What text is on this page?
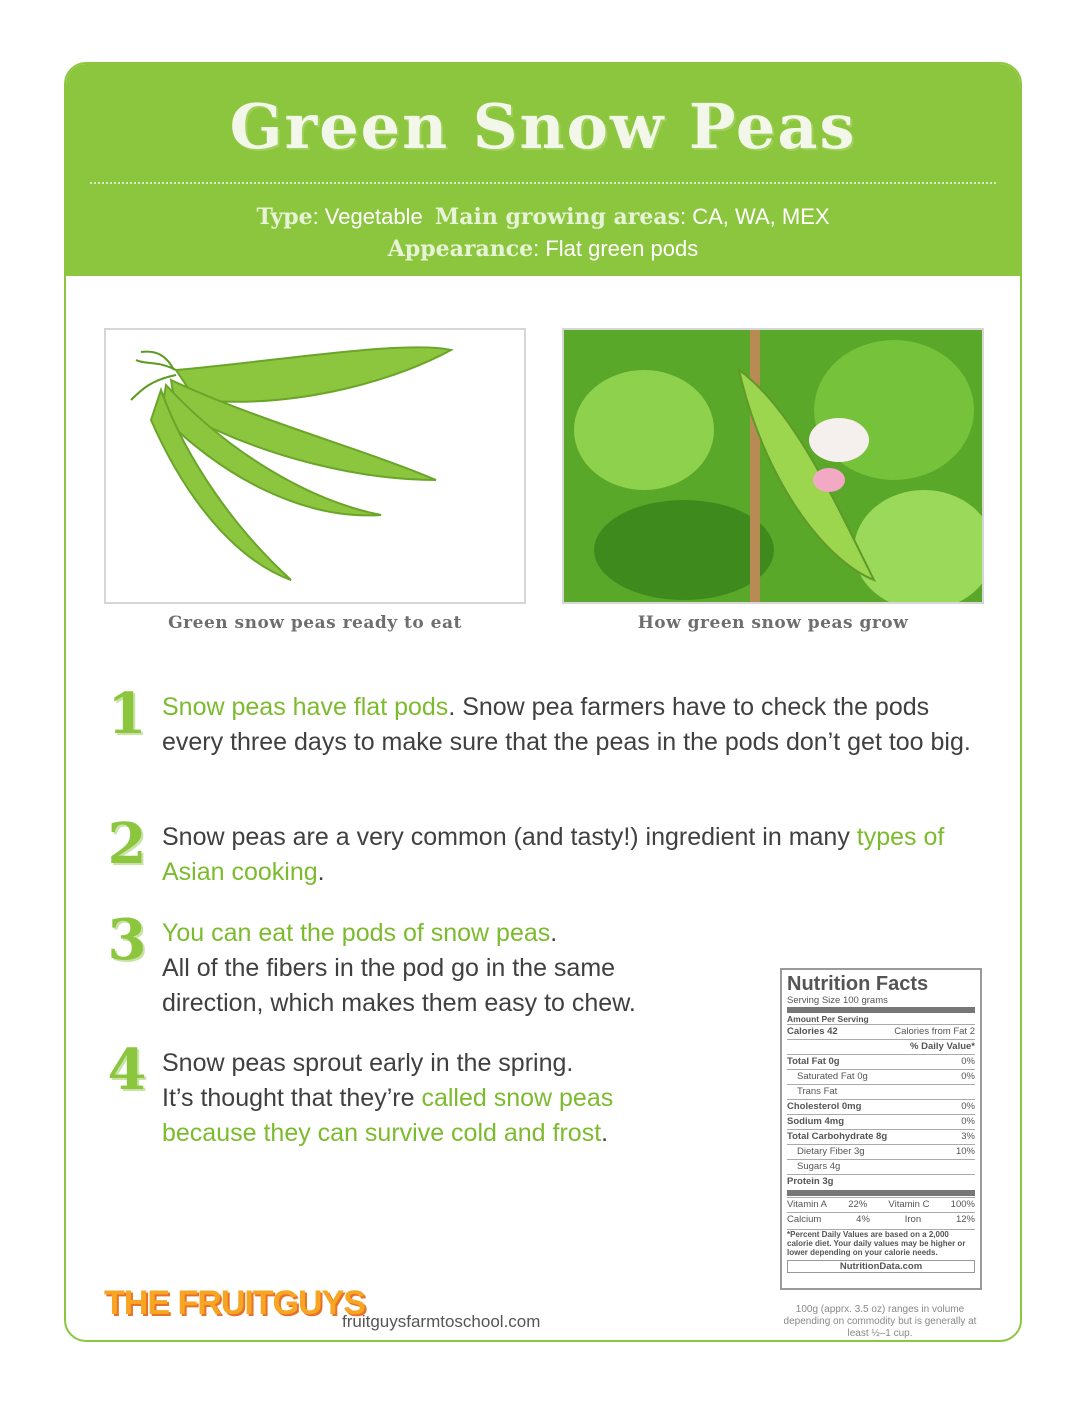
Green Snow Peas
Type: Vegetable Main growing areas: CA, WA, MEX
Appearance: Flat green pods
Green snow peas ready to eat	How green snow peas grow
1 Snow peas have flat pods. Snow pea farmers have to check the pods every three days to make sure that the peas in the pods don’t get too big.
2 Snow peas are a very common (and tasty!) ingredient in many types of Asian cooking.
3 You can eat the pods of snow peas.
All of the fibers in the pod go in the same
direction, which makes them easy to chew.
4 Snow peas sprout early in the spring.
It’s thought that they’re called snow peas
because they can survive cold and frost.
Nutrition Facts
Serving Size 100 grams
Amount Per Serving
Calories 42	Calories from Fat 2
% Daily Value*
Total Fat 0g	0%
Saturated Fat 0g	0%
Trans Fat
Cholesterol 0mg	0%
Sodium 4mg	0%
Total Carbohydrate 8g	3%
Dietary Fiber 3g	10%
Sugars 4g
Protein 3g
Vitamin A 22% Vitamin C 100%
Calcium	4%	Iron	12%
*Percent Daily Values are based on a 2,000 calorie diet. Your daily values may be higher or lower depending on your calorie needs.
NutritionData.com
100g (apprx. 3.5 oz) ranges in volume depending on commodity but is generally at least ½–1 cup.
THE FRUITGUYS
fruitguysfarmtoschool.com
